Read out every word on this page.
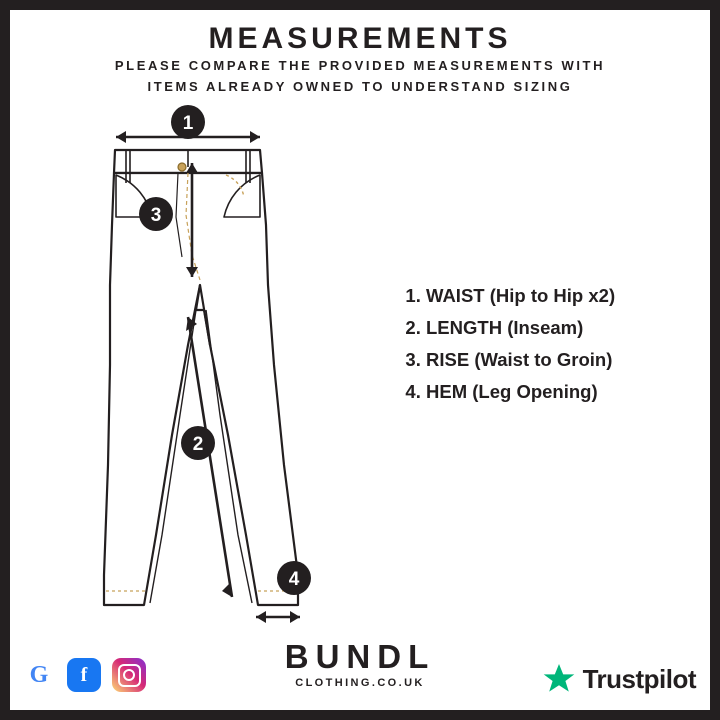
MEASUREMENTS
PLEASE COMPARE THE PROVIDED MEASUREMENTS WITH
ITEMS ALREADY OWNED TO UNDERSTAND SIZING
1
3
2
4
1. WAIST (Hip to Hip x2)
2. LENGTH (Inseam)
3. RISE (Waist to Groin)
4. HEM (Leg Opening)
BUNDL
CLOTHING.CO.UK
G	f	Trustpilot
